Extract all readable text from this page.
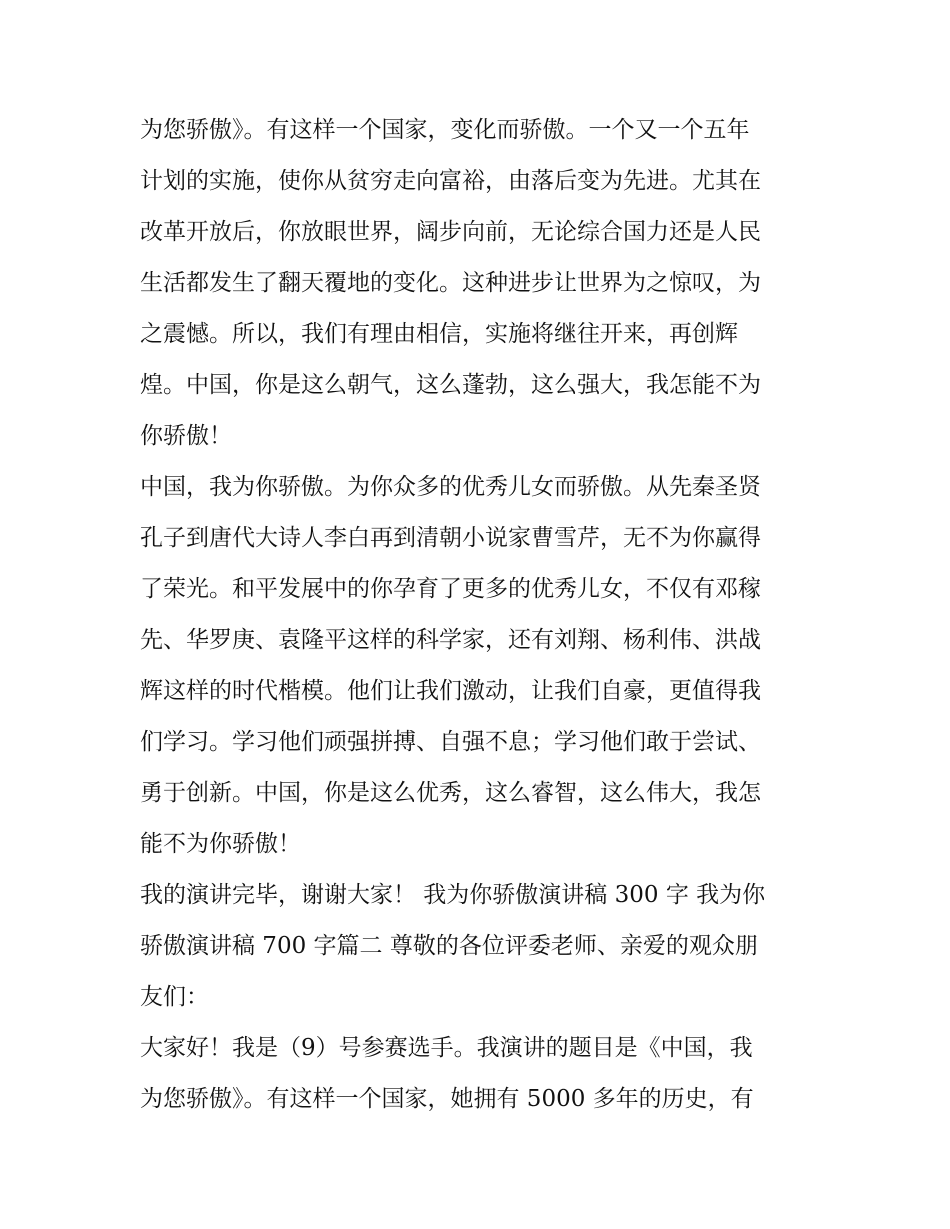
为您骄傲》。有这样一个国家，变化而骄傲。一个又一个五年
计划的实施，使你从贫穷走向富裕，由落后变为先进。尤其在
改革开放后，你放眼世界，阔步向前，无论综合国力还是人民
生活都发生了翻天覆地的变化。这种进步让世界为之惊叹，为
之震憾。所以，我们有理由相信，实施将继往开来，再创辉
煌。中国，你是这么朝气，这么蓬勃，这么强大，我怎能不为
你骄傲！
中国，我为你骄傲。为你众多的优秀儿女而骄傲。从先秦圣贤
孔子到唐代大诗人李白再到清朝小说家曹雪芹，无不为你赢得
了荣光。和平发展中的你孕育了更多的优秀儿女，不仅有邓稼
先、华罗庚、袁隆平这样的科学家，还有刘翔、杨利伟、洪战
辉这样的时代楷模。他们让我们激动，让我们自豪，更值得我
们学习。学习他们顽强拼搏、自强不息；学习他们敢于尝试、
勇于创新。中国，你是这么优秀，这么睿智，这么伟大，我怎
能不为你骄傲！
我的演讲完毕，谢谢大家！ 我为你骄傲演讲稿 300 字 我为你
骄傲演讲稿 700 字篇二 尊敬的各位评委老师、亲爱的观众朋
友们：
大家好！我是（9）号参赛选手。我演讲的题目是《中国，我
为您骄傲》。有这样一个国家，她拥有 5000 多年的历史，有
